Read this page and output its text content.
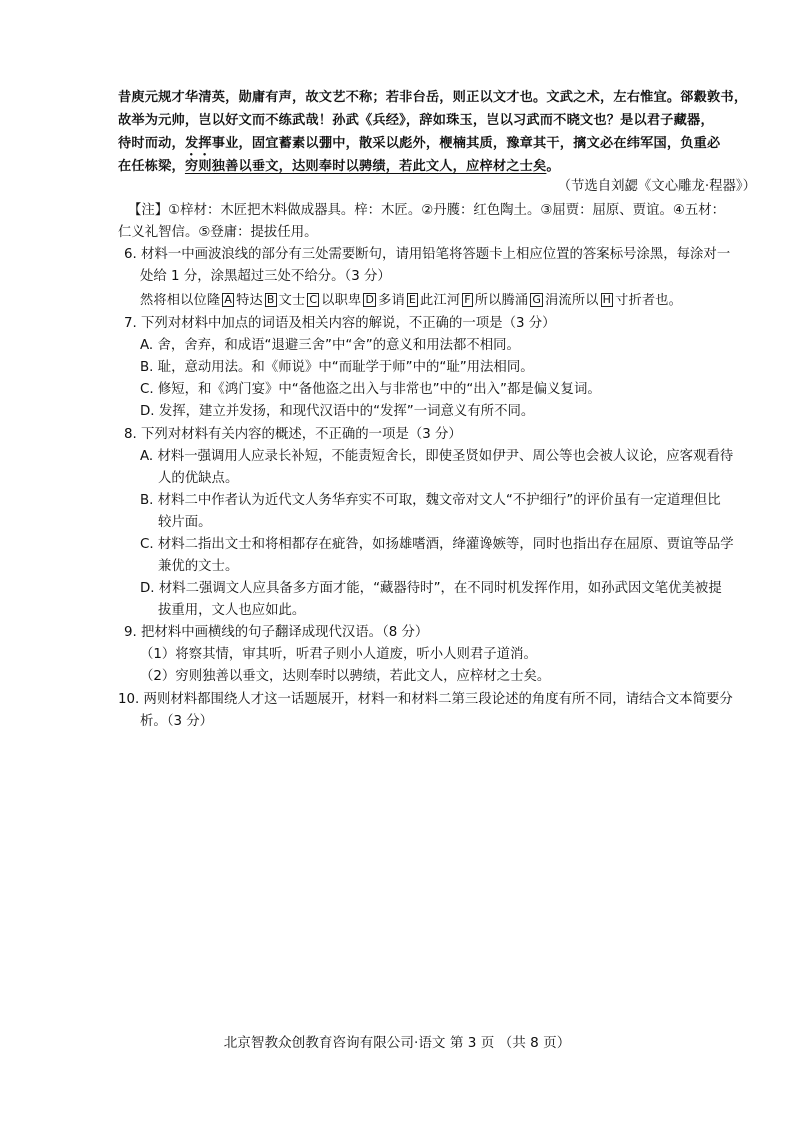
昔庾元规才华清英，勋庸有声，故文艺不称；若非台岳，则正以文才也。文武之术，左右惟宜。郤縠敦书，
故举为元帅，岂以好文而不练武哉！孙武《兵经》，辞如珠玉，岂以习武而不晓文也？是以君子藏器，
待时而动，发挥事业，固宜蓄素以弸中，散采以彪外，楩楠其质，豫章其干，摛文必在纬军国，负重必
在任栋梁，穷则独善以垂文，达则奉时以骋绩，若此文人，应梓材之士矣。
（节选自刘勰《文心雕龙·程器》）
【注】①梓材：木匠把木料做成器具。梓：木匠。②丹臒：红色陶土。③屈贾：屈原、贾谊。④五材：
仁义礼智信。⑤登庸：提拔任用。
6. 材料一中画波浪线的部分有三处需要断句，请用铅笔将答题卡上相应位置的答案标号涂黑，每涂对一
处给 1 分，涂黑超过三处不给分。（3 分）
然将相以位隆 A 特达 B 文士 C 以职卑 D 多诮 E 此江河 F 所以腾涌 G 涓流所以 H 寸折者也。
7. 下列对材料中加点的词语及相关内容的解说，不正确的一项是（3 分）
A. 舍，舍弃，和成语“退避三舍”中“舍”的意义和用法都不相同。
B. 耻，意动用法。和《师说》中“而耻学于师”中的“耻”用法相同。
C. 修短，和《鸿门宴》中“备他盗之出入与非常也”中的“出入”都是偏义复词。
D. 发挥，建立并发扬，和现代汉语中的“发挥”一词意义有所不同。
8. 下列对材料有关内容的概述，不正确的一项是（3 分）
A. 材料一强调用人应录长补短，不能责短舍长，即使圣贤如伊尹、周公等也会被人议论，应客观看待
人的优缺点。
B. 材料二中作者认为近代文人务华弃实不可取，魏文帝对文人“不护细行”的评价虽有一定道理但比
较片面。
C. 材料二指出文士和将相都存在疵咎，如扬雄嗜酒，绛灌谗嫉等，同时也指出存在屈原、贾谊等品学
兼优的文士。
D. 材料二强调文人应具备多方面才能，“藏器待时”，在不同时机发挥作用，如孙武因文笔优美被提
拔重用，文人也应如此。
9. 把材料中画横线的句子翻译成现代汉语。（8 分）
（1）将察其情，审其听，听君子则小人道废，听小人则君子道消。
（2）穷则独善以垂文，达则奉时以骋绩，若此文人，应梓材之士矣。
10. 两则材料都围绕人才这一话题展开，材料一和材料二第三段论述的角度有所不同，请结合文本简要分
析。（3 分）
北京智教众创教育咨询有限公司·语文 第 3 页 （共 8 页）
